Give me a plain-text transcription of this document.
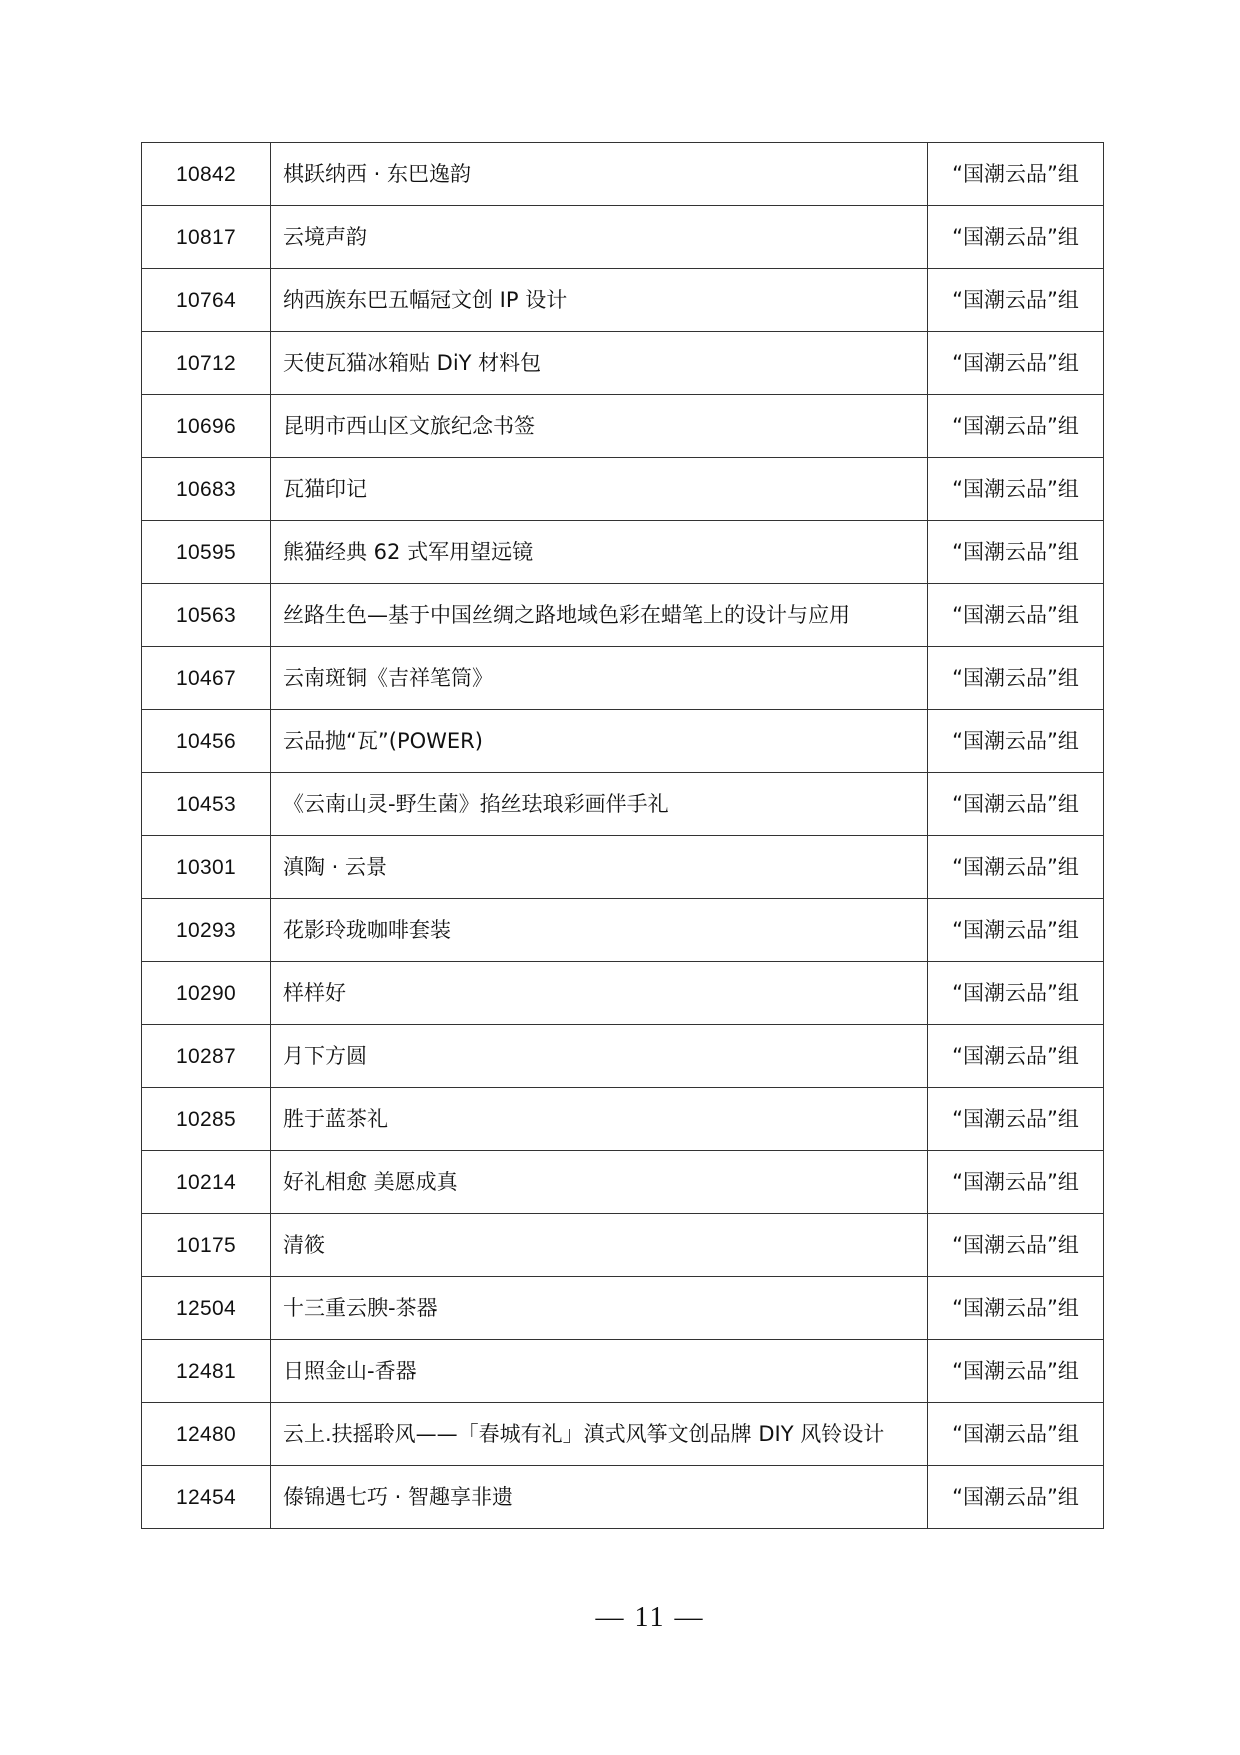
10842	棋跃纳西 · 东巴逸韵	“国潮云品”组
10817	云境声韵	“国潮云品”组
10764	纳西族东巴五幅冠文创 IP 设计	“国潮云品”组
10712	天使瓦猫冰箱贴 DiY 材料包	“国潮云品”组
10696	昆明市西山区文旅纪念书签	“国潮云品”组
10683	瓦猫印记	“国潮云品”组
10595	熊猫经典 62 式军用望远镜	“国潮云品”组
10563	丝路生色—基于中国丝绸之路地域色彩在蜡笔上的设计与应用	“国潮云品”组
10467	云南斑铜《吉祥笔筒》	“国潮云品”组
10456	云品抛“瓦”(POWER)	“国潮云品”组
10453	《云南山灵-野生菌》掐丝珐琅彩画伴手礼	“国潮云品”组
10301	滇陶 · 云景	“国潮云品”组
10293	花影玲珑咖啡套装	“国潮云品”组
10290	样样好	“国潮云品”组
10287	月下方圆	“国潮云品”组
10285	胜于蓝茶礼	“国潮云品”组
10214	好礼相愈 美愿成真	“国潮云品”组
10175	清筱	“国潮云品”组
12504	十三重云腴-茶器	“国潮云品”组
12481	日照金山-香器	“国潮云品”组
12480	云上.扶摇聆风——「春城有礼」滇式风筝文创品牌 DIY 风铃设计	“国潮云品”组
12454	傣锦遇七巧 · 智趣享非遗	“国潮云品”组
— 11 —
